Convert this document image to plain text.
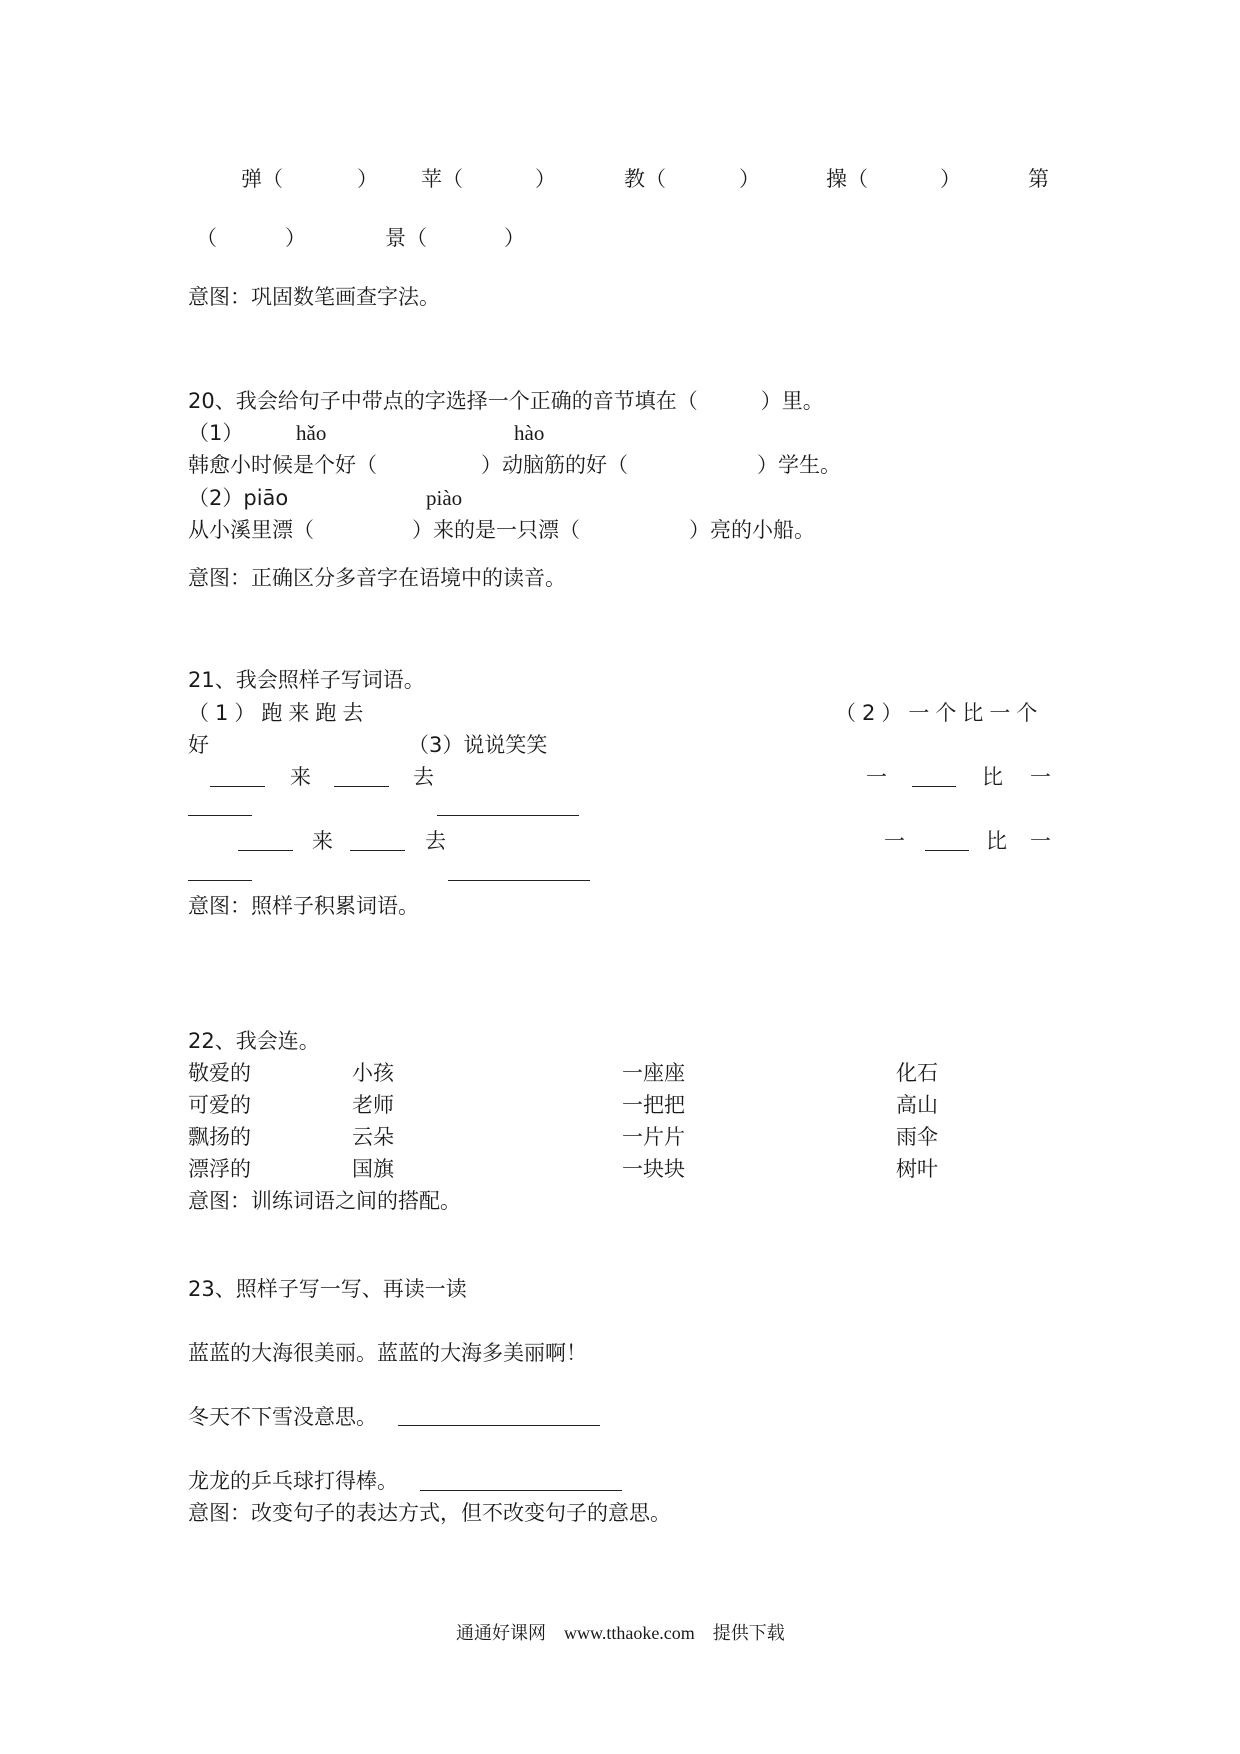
弹（	） 苹（	）	教（	）	操（	）	第
（	）	景（	）
意图：巩固数笔画查字法。
20、我会给句子中带点的字选择一个正确的音节填在（　　　）里。
（1）	hǎo	hào
韩愈小时候是个好（	）动脑筋的好（	）学生。
（2）piāo	piào
从小溪里漂（	）来的是一只漂（	）亮的小船。
意图：正确区分多音字在语境中的读音。
21、我会照样子写词语。
（1）跑来跑去	（2）一个比一个
好	（3）说说笑笑
来	去	一	比 一
来	去	一	比 一
意图：照样子积累词语。
22、我会连。
敬爱的	小孩	一座座	化石
可爱的	老师	一把把	高山
飘扬的	云朵	一片片	雨伞
漂浮的	国旗	一块块	树叶
意图：训练词语之间的搭配。
23、照样子写一写、再读一读
蓝蓝的大海很美丽。蓝蓝的大海多美丽啊！
冬天不下雪没意思。
龙龙的乒乓球打得棒。
意图：改变句子的表达方式，但不改变句子的意思。
通通好课网　www.tthaoke.com　提供下载
